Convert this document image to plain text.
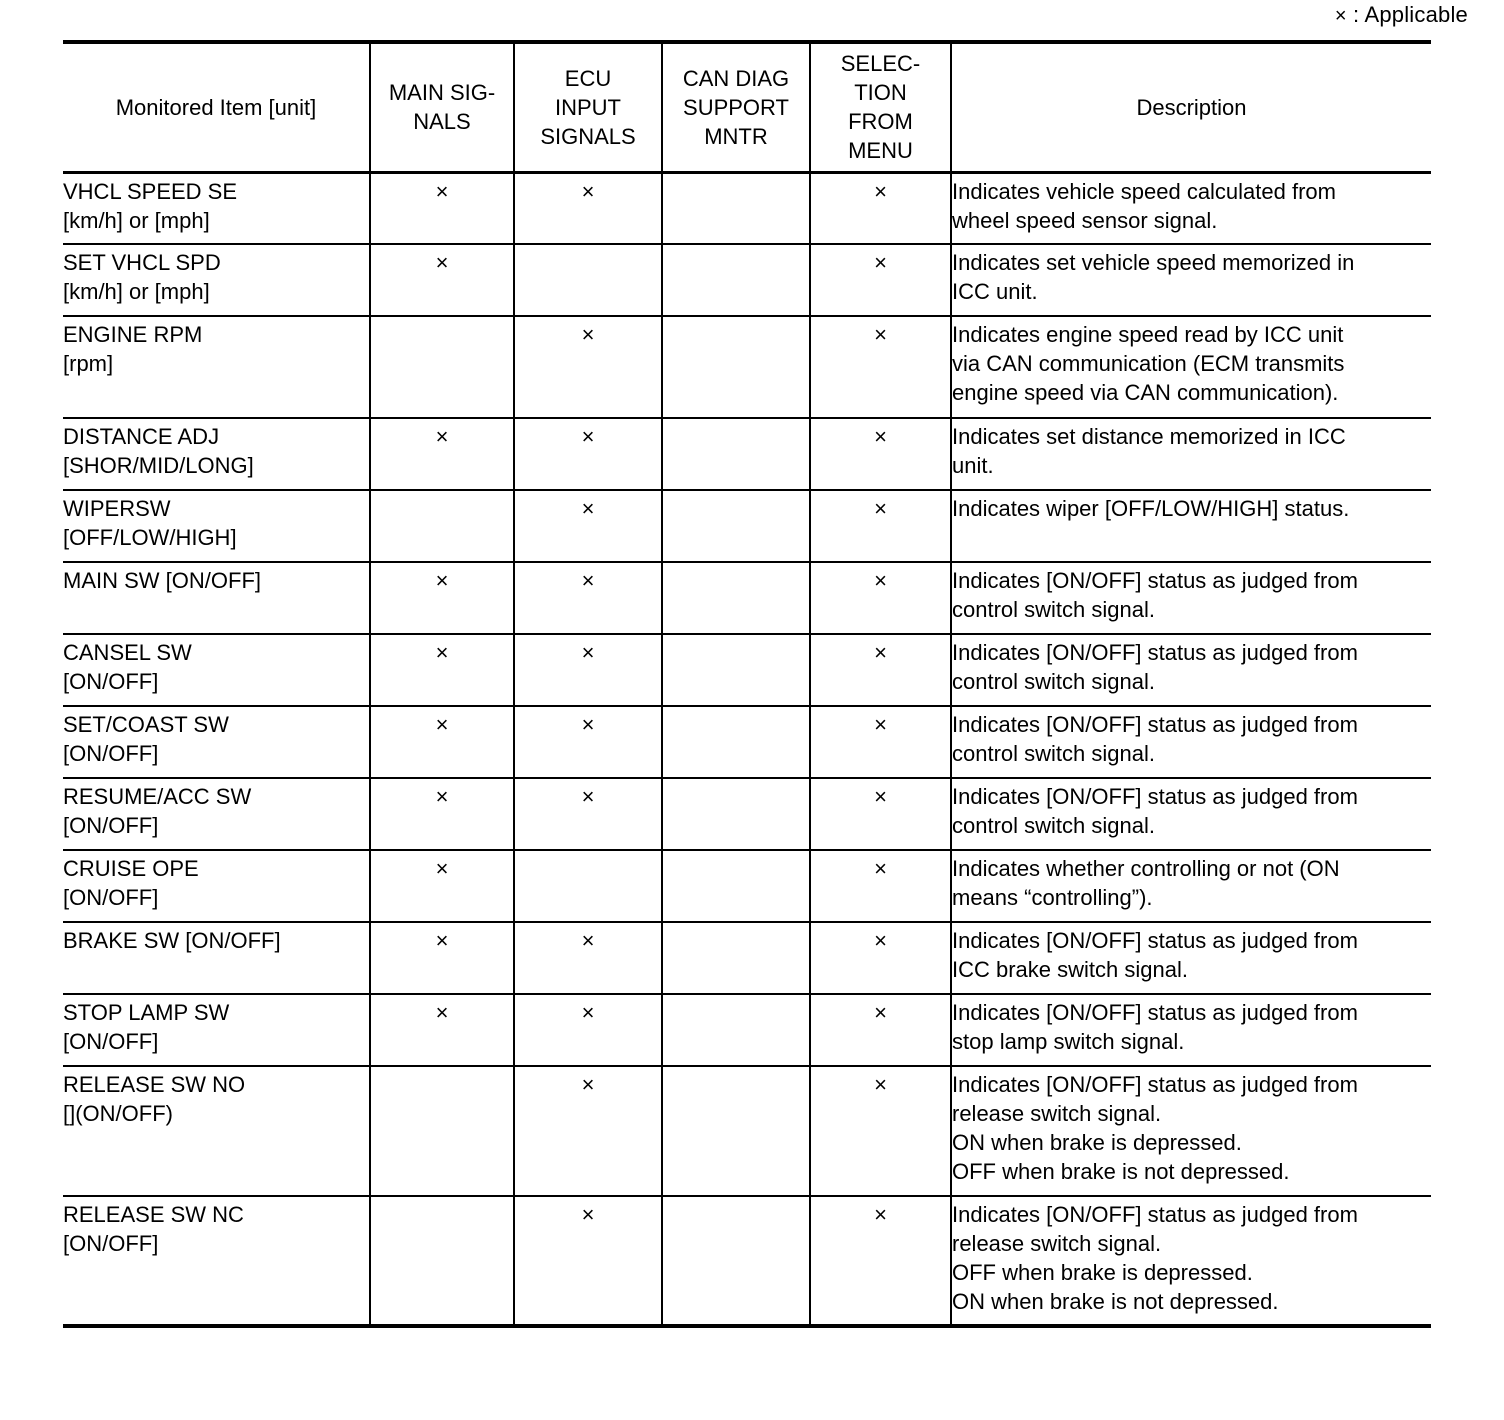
× : Applicable
Monitored Item [unit]	MAIN SIG-
NALS	ECU
INPUT
SIGNALS	CAN DIAG
SUPPORT
MNTR	SELEC-
TION
FROM
MENU	Description
VHCL SPEED SE
[km/h] or [mph]	×	×		×	Indicates vehicle speed calculated from
wheel speed sensor signal.
SET VHCL SPD
[km/h] or [mph]	×			×	Indicates set vehicle speed memorized in
ICC unit.
ENGINE RPM
[rpm]		×		×	Indicates engine speed read by ICC unit
via CAN communication (ECM transmits
engine speed via CAN communication).
DISTANCE ADJ
[SHOR/MID/LONG]	×	×		×	Indicates set distance memorized in ICC
unit.
WIPERSW
[OFF/LOW/HIGH]		×		×	Indicates wiper [OFF/LOW/HIGH] status.
MAIN SW [ON/OFF]	×	×		×	Indicates [ON/OFF] status as judged from
control switch signal.
CANSEL SW
[ON/OFF]	×	×		×	Indicates [ON/OFF] status as judged from
control switch signal.
SET/COAST SW
[ON/OFF]	×	×		×	Indicates [ON/OFF] status as judged from
control switch signal.
RESUME/ACC SW
[ON/OFF]	×	×		×	Indicates [ON/OFF] status as judged from
control switch signal.
CRUISE OPE
[ON/OFF]	×			×	Indicates whether controlling or not (ON
means “controlling”).
BRAKE SW [ON/OFF]	×	×		×	Indicates [ON/OFF] status as judged from
ICC brake switch signal.
STOP LAMP SW
[ON/OFF]	×	×		×	Indicates [ON/OFF] status as judged from
stop lamp switch signal.
RELEASE SW NO
[](ON/OFF)		×		×	Indicates [ON/OFF] status as judged from
release switch signal.
ON when brake is depressed.
OFF when brake is not depressed.
RELEASE SW NC
[ON/OFF]		×		×	Indicates [ON/OFF] status as judged from
release switch signal.
OFF when brake is depressed.
ON when brake is not depressed.
